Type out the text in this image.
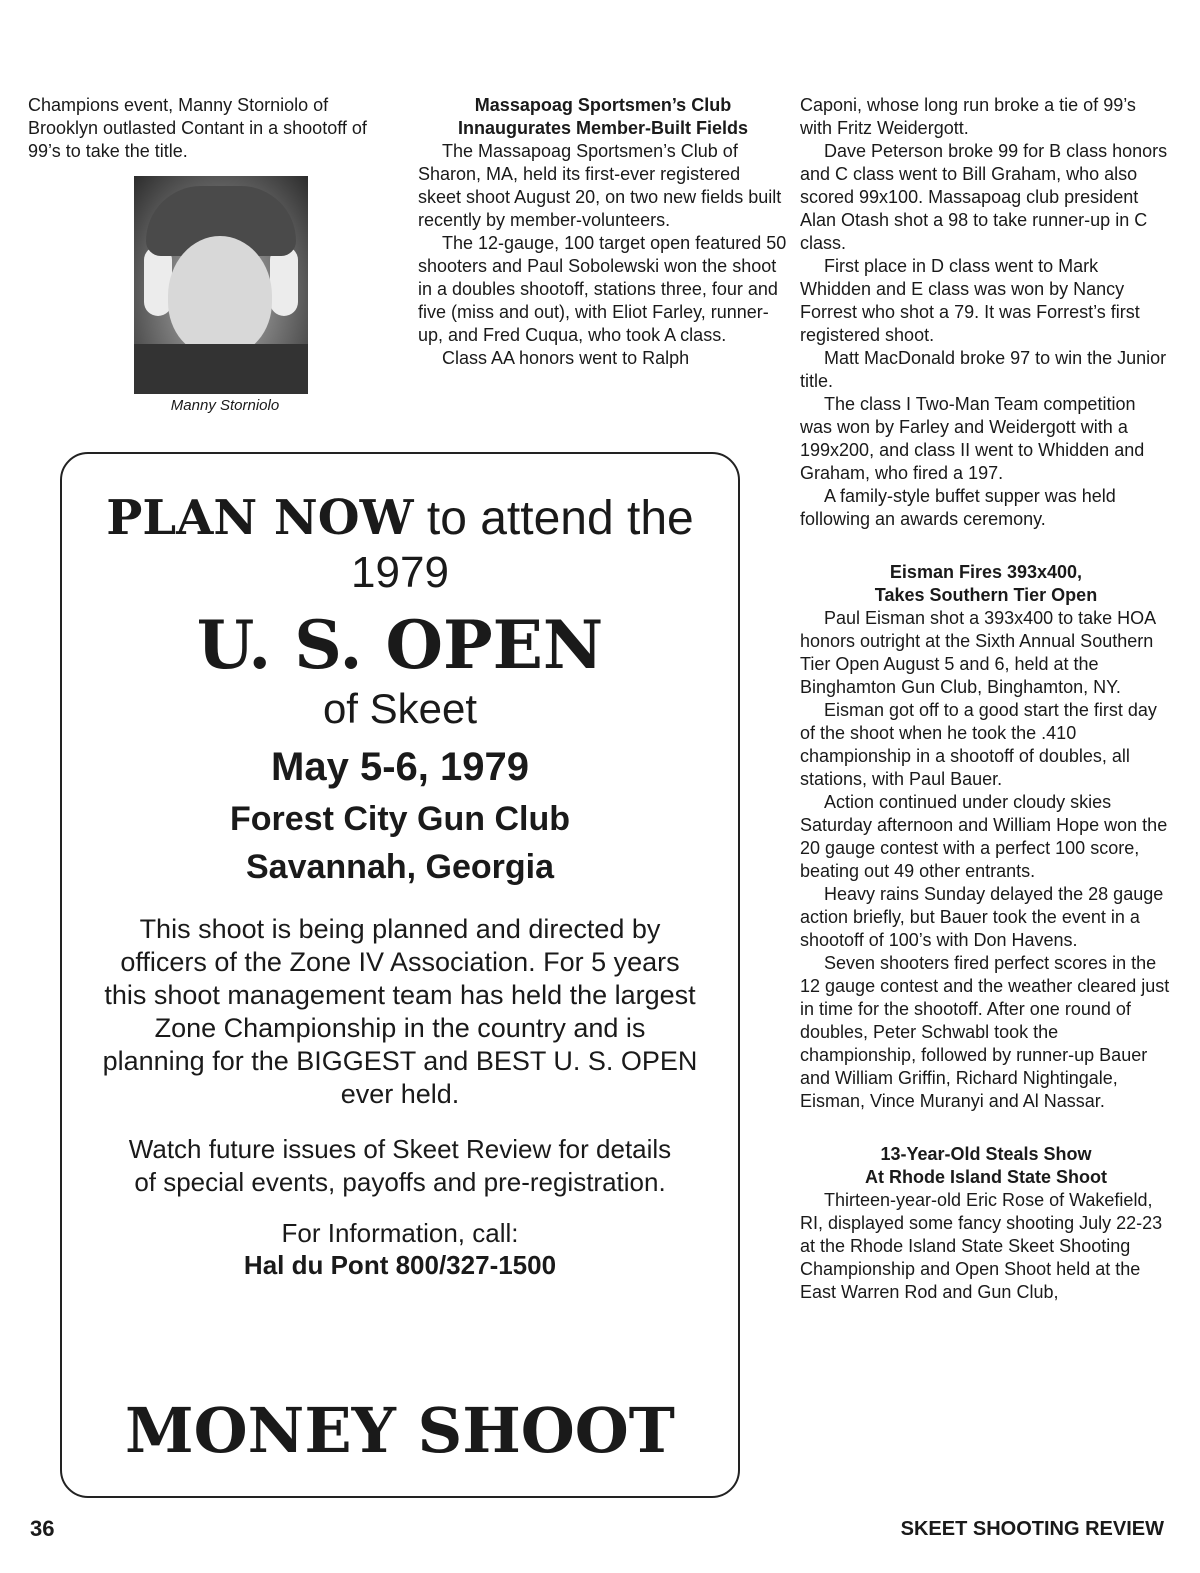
Champions event, Manny Storniolo of Brooklyn outlasted Contant in a shootoff of 99’s to take the title.

Manny Storniolo
Massapoag Sportsmen’s Club
Innaugurates Member-Built Fields

The Massapoag Sportsmen’s Club of Sharon, MA, held its first-ever registered skeet shoot August 20, on two new fields built recently by member-volunteers.

The 12-gauge, 100 target open featured 50 shooters and Paul Sobolewski won the shoot in a doubles shootoff, stations three, four and five (miss and out), with Eliot Farley, runner-up, and Fred Cuqua, who took A class.

Class AA honors went to Ralph

Caponi, whose long run broke a tie of 99’s with Fritz Weidergott.

Dave Peterson broke 99 for B class honors and C class went to Bill Graham, who also scored 99x100. Massapoag club president Alan Otash shot a 98 to take runner-up in C class.

First place in D class went to Mark Whidden and E class was won by Nancy Forrest who shot a 79. It was Forrest’s first registered shoot.

Matt MacDonald broke 97 to win the Junior title.

The class I Two-Man Team competition was won by Farley and Weidergott with a 199x200, and class II went to Whidden and Graham, who fired a 197.

A family-style buffet supper was held following an awards ceremony.

Eisman Fires 393x400,
Takes Southern Tier Open

Paul Eisman shot a 393x400 to take HOA honors outright at the Sixth Annual Southern Tier Open August 5 and 6, held at the Binghamton Gun Club, Binghamton, NY.

Eisman got off to a good start the first day of the shoot when he took the .410 championship in a shootoff of doubles, all stations, with Paul Bauer.

Action continued under cloudy skies Saturday afternoon and William Hope won the 20 gauge contest with a perfect 100 score, beating out 49 other entrants.

Heavy rains Sunday delayed the 28 gauge action briefly, but Bauer took the event in a shootoff of 100’s with Don Havens.

Seven shooters fired perfect scores in the 12 gauge contest and the weather cleared just in time for the shootoff. After one round of doubles, Peter Schwabl took the championship, followed by runner-up Bauer and William Griffin, Richard Nightingale, Eisman, Vince Muranyi and Al Nassar.

13-Year-Old Steals Show
At Rhode Island State Shoot

Thirteen-year-old Eric Rose of Wakefield, RI, displayed some fancy shooting July 22-23 at the Rhode Island State Skeet Shooting Championship and Open Shoot held at the East Warren Rod and Gun Club,

PLAN NOW to attend the
1979
U. S. OPEN
of Skeet
May 5-6, 1979
Forest City Gun Club
Savannah, Georgia
This shoot is being planned and directed by officers of the Zone IV Association. For 5 years this shoot management team has held the largest Zone Championship in the country and is planning for the BIGGEST and BEST U. S. OPEN ever held.
Watch future issues of Skeet Review for details of special events, payoffs and pre-registration.
For Information, call:
Hal du Pont 800/327-1500
MONEY SHOOT
36	SKEET SHOOTING REVIEW
